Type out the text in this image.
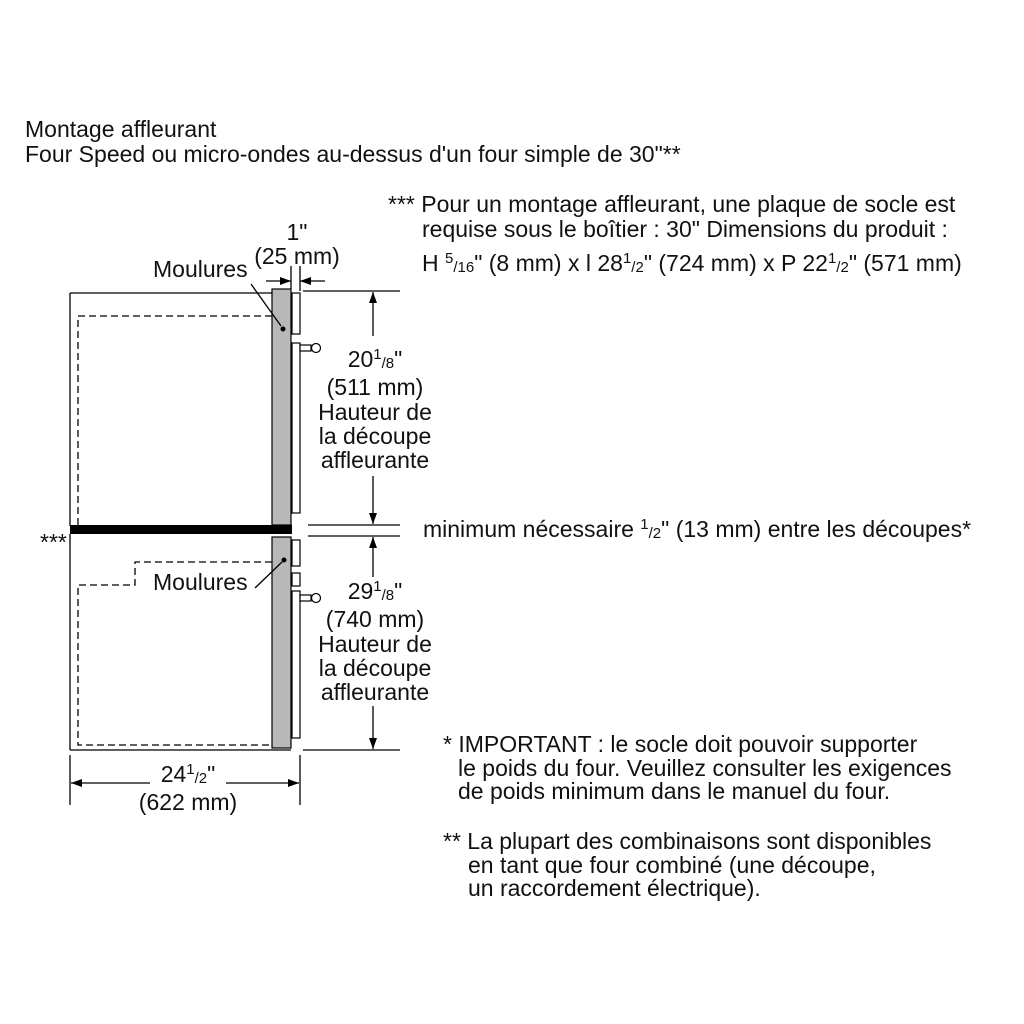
Montage affleurant
Four Speed ou micro-ondes au-dessus d'un four simple de 30"**
*** Pour un montage affleurant, une plaque de socle est
requise sous le boîtier : 30" Dimensions du produit :
H $^5$/16" (8 mm) x l $28^1/2$" (724 mm) x P $22^1/2$" (571 mm)
1"
(25 mm)
Moulures
Moulures
***
$20^1/8$"
(511 mm)
Hauteur de
la découpe
affleurante
minimum nécessaire $^1$/2" (13 mm) entre les découpes*
$29^1/8$"
(740 mm)
Hauteur de
la découpe
affleurante
$24^1/2$"
(622 mm)
* IMPORTANT : le socle doit pouvoir supporter
le poids du four. Veuillez consulter les exigences
de poids minimum dans le manuel du four.
** La plupart des combinaisons sont disponibles
en tant que four combiné (une découpe,
un raccordement électrique).
